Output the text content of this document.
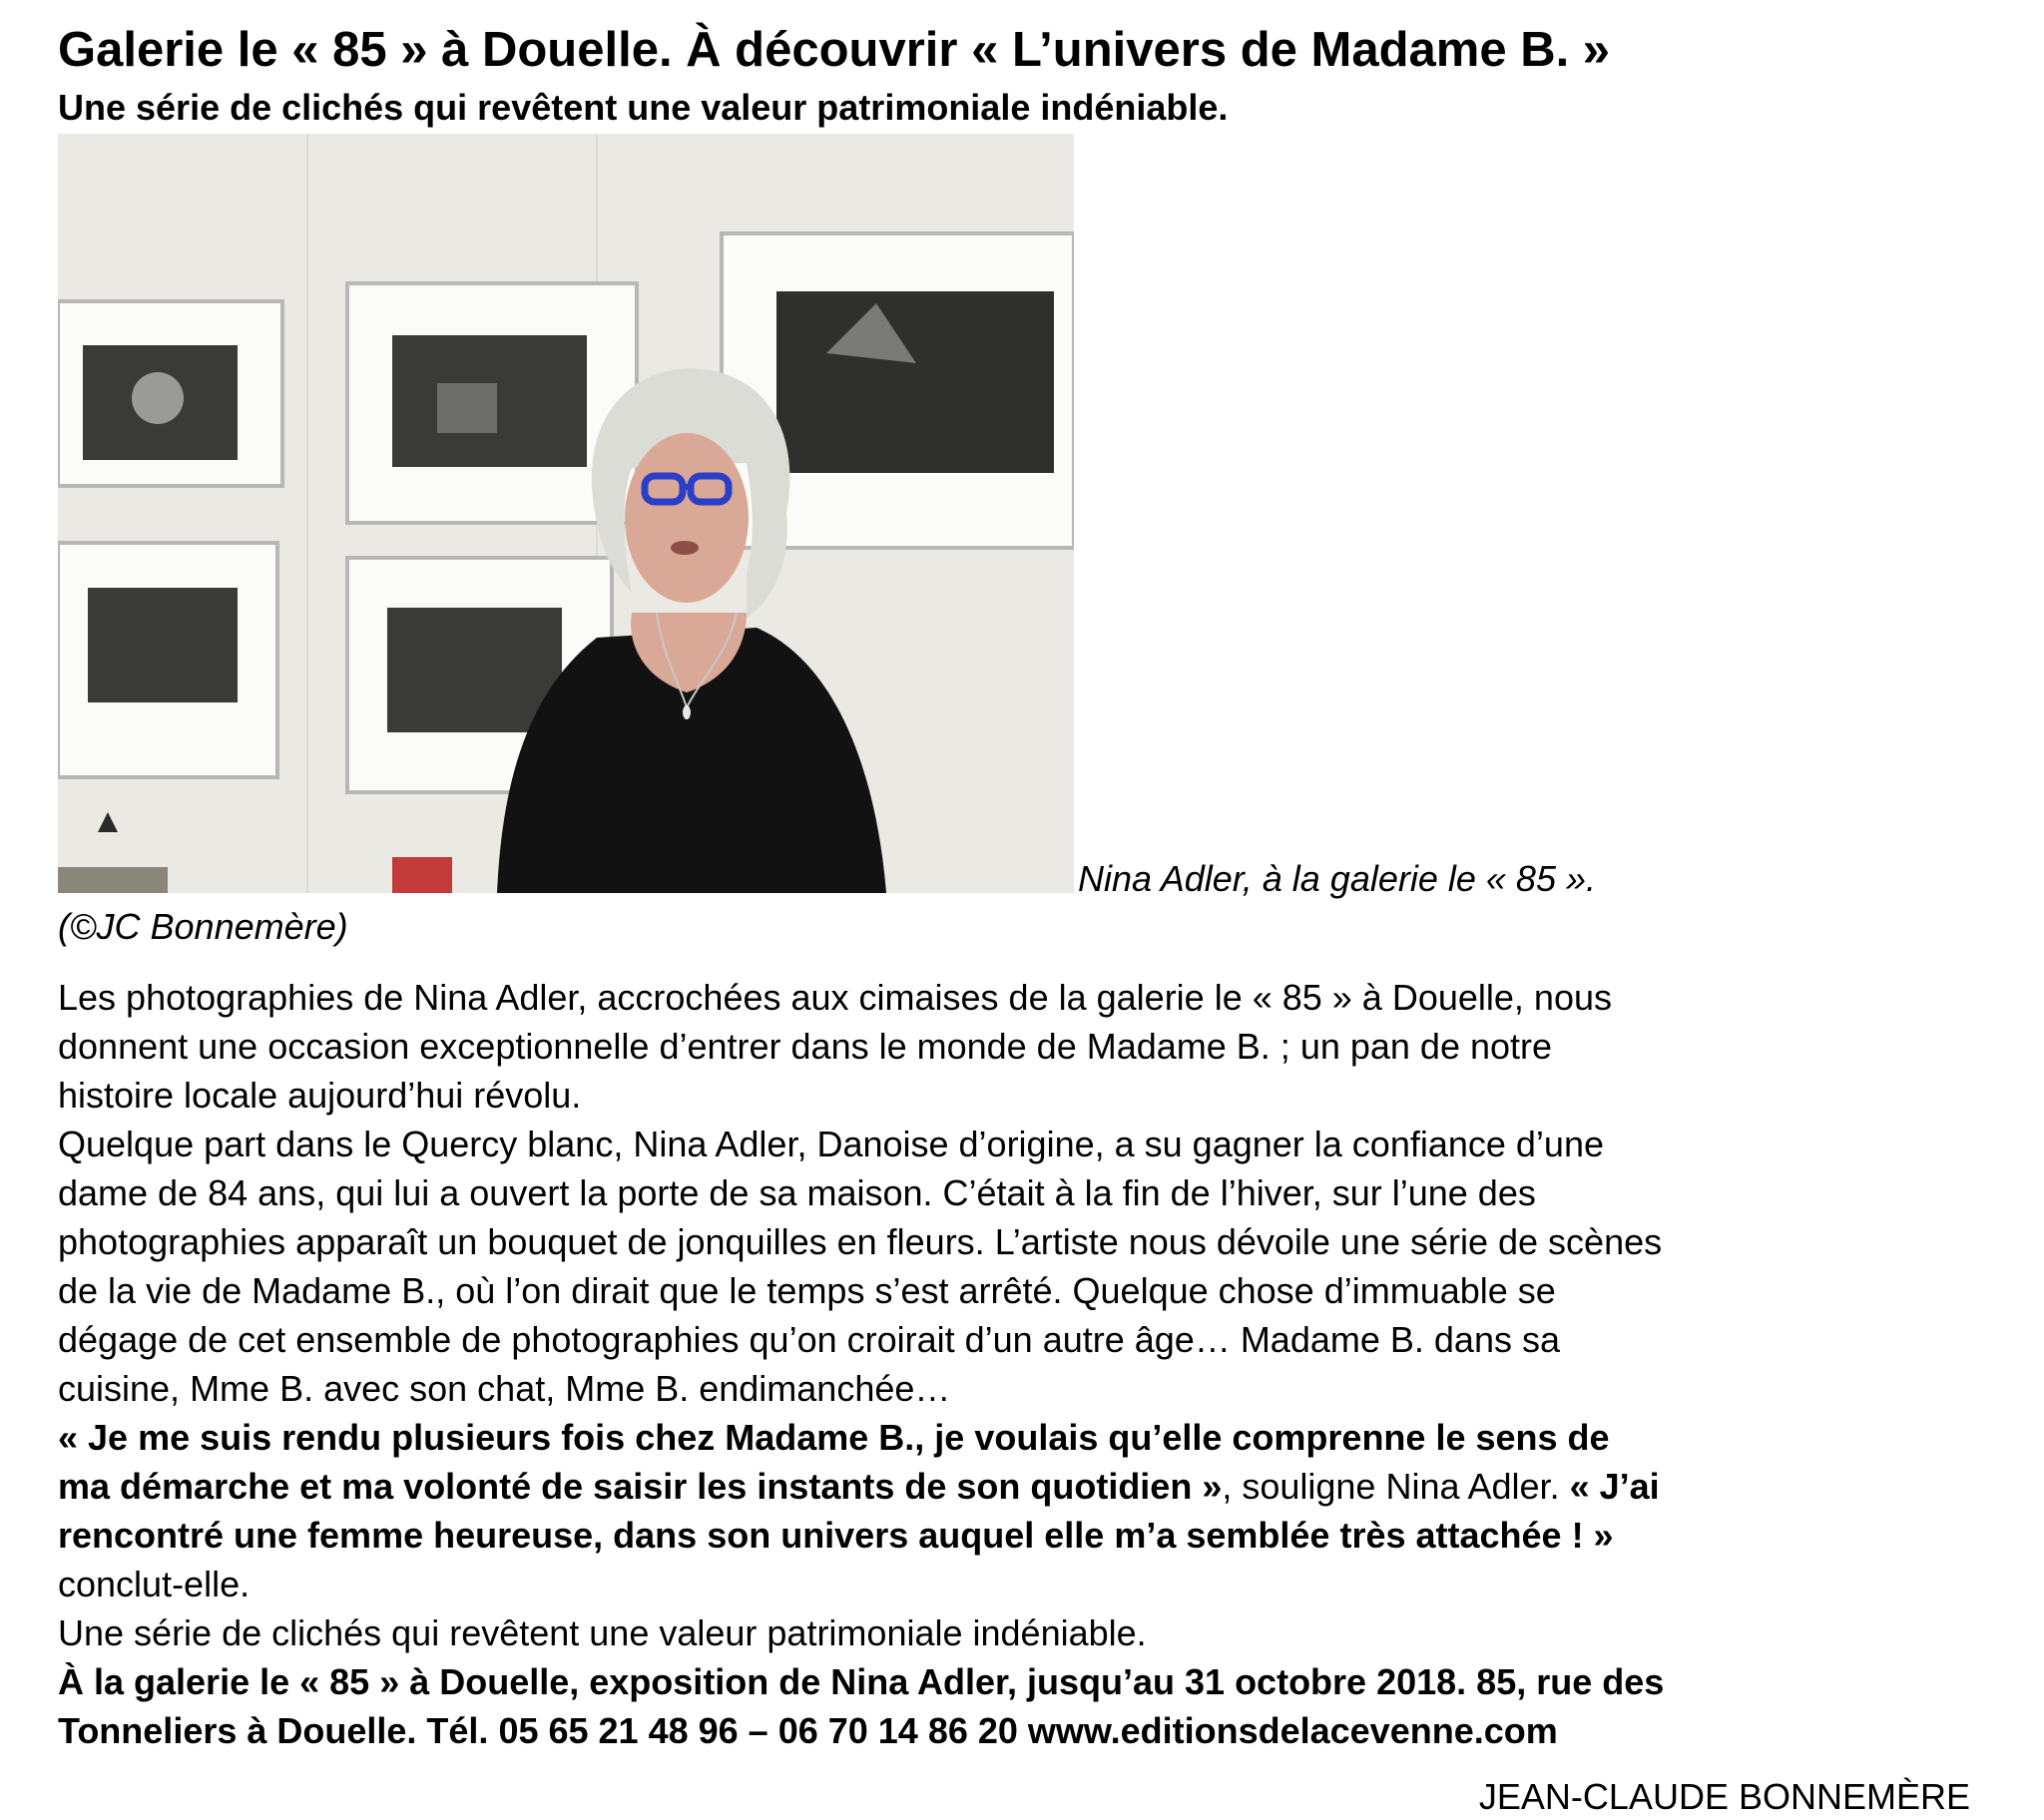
Galerie le « 85 » à Douelle. À découvrir « L’univers de Madame B. »
Une série de clichés qui revêtent une valeur patrimoniale indéniable.
Nina Adler, à la galerie le « 85 ».
(©JC Bonnemère)

Les photographies de Nina Adler, accrochées aux cimaises de la galerie le « 85 » à Douelle, nous

donnent une occasion exceptionnelle d’entrer dans le monde de Madame B. ; un pan de notre

histoire locale aujourd’hui révolu.

Quelque part dans le Quercy blanc, Nina Adler, Danoise d’origine, a su gagner la confiance d’une

dame de 84 ans, qui lui a ouvert la porte de sa maison. C’était à la fin de l’hiver, sur l’une des

photographies apparaît un bouquet de jonquilles en fleurs. L’artiste nous dévoile une série de scènes

de la vie de Madame B., où l’on dirait que le temps s’est arrêté. Quelque chose d’immuable se

dégage de cet ensemble de photographies qu’on croirait d’un autre âge… Madame B. dans sa

cuisine, Mme B. avec son chat, Mme B. endimanchée…

« Je me suis rendu plusieurs fois chez Madame B., je voulais qu’elle comprenne le sens de

ma démarche et ma volonté de saisir les instants de son quotidien », souligne Nina Adler. « J’ai

rencontré une femme heureuse, dans son univers auquel elle m’a semblée très attachée ! »

conclut-elle.

Une série de clichés qui revêtent une valeur patrimoniale indéniable.

À la galerie le « 85 » à Douelle, exposition de Nina Adler, jusqu’au 31 octobre 2018. 85, rue des

Tonneliers à Douelle. Tél. 05 65 21 48 96 – 06 70 14 86 20 www.editionsdelacevenne.com

JEAN-CLAUDE BONNEMÈRE
